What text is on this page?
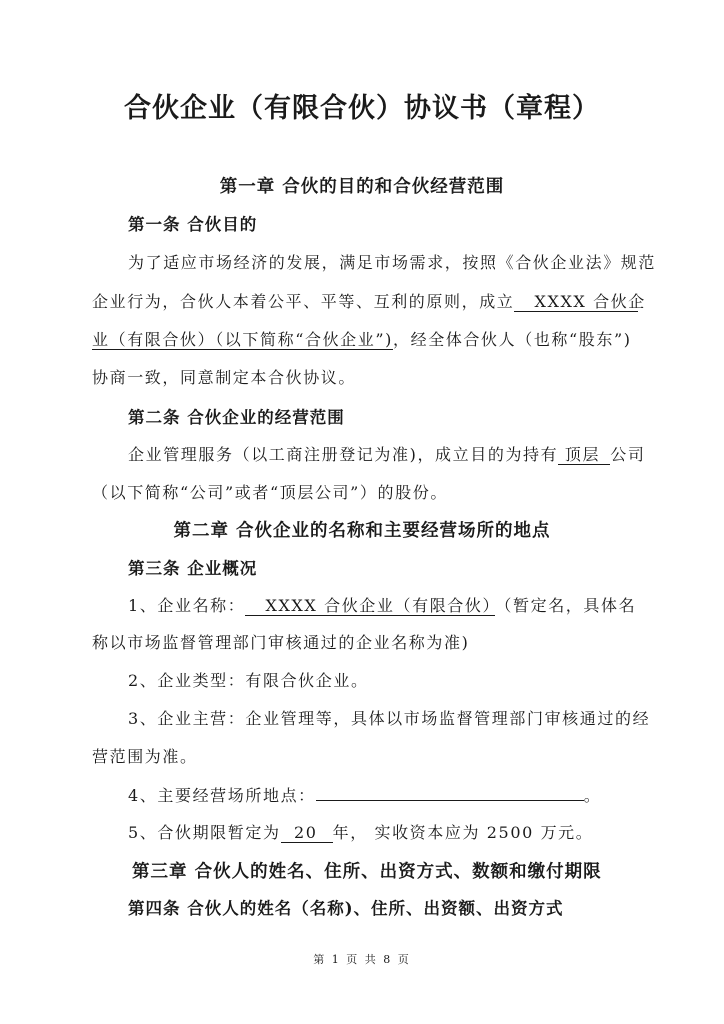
合伙企业（有限合伙）协议书（章程）
第一章 合伙的目的和合伙经营范围
第一条 合伙目的
为了适应市场经济的发展，满足市场需求，按照《合伙企业法》规范
企业行为，合伙人本着公平、平等、互利的原则，成立   XXXX 合伙企
业（有限合伙）（以下简称“合伙企业”)，经全体合伙人（也称“股东”)
协商一致，同意制定本合伙协议。
第二条 合伙企业的经营范围
企业管理服务（以工商注册登记为准)，成立目的为持有 顶层  公司
（以下简称“公司”或者“顶层公司”）的股份。
第二章 合伙企业的名称和主要经营场所的地点
第三条 企业概况
1、企业名称：   XXXX 合伙企业（有限合伙） （暂定名，具体名
称以市场监督管理部门审核通过的企业名称为准)
2、企业类型：有限合伙企业。
3、企业主营：企业管理等，具体以市场监督管理部门审核通过的经
营范围为准。
4、主要经营场所地点：	。
5、合伙期限暂定为  20  年， 实收资本应为 2500 万元。
第三章 合伙人的姓名、住所、出资方式、数额和缴付期限
第四条 合伙人的姓名（名称)、住所、出资额、出资方式
第 1 页 共 8 页
